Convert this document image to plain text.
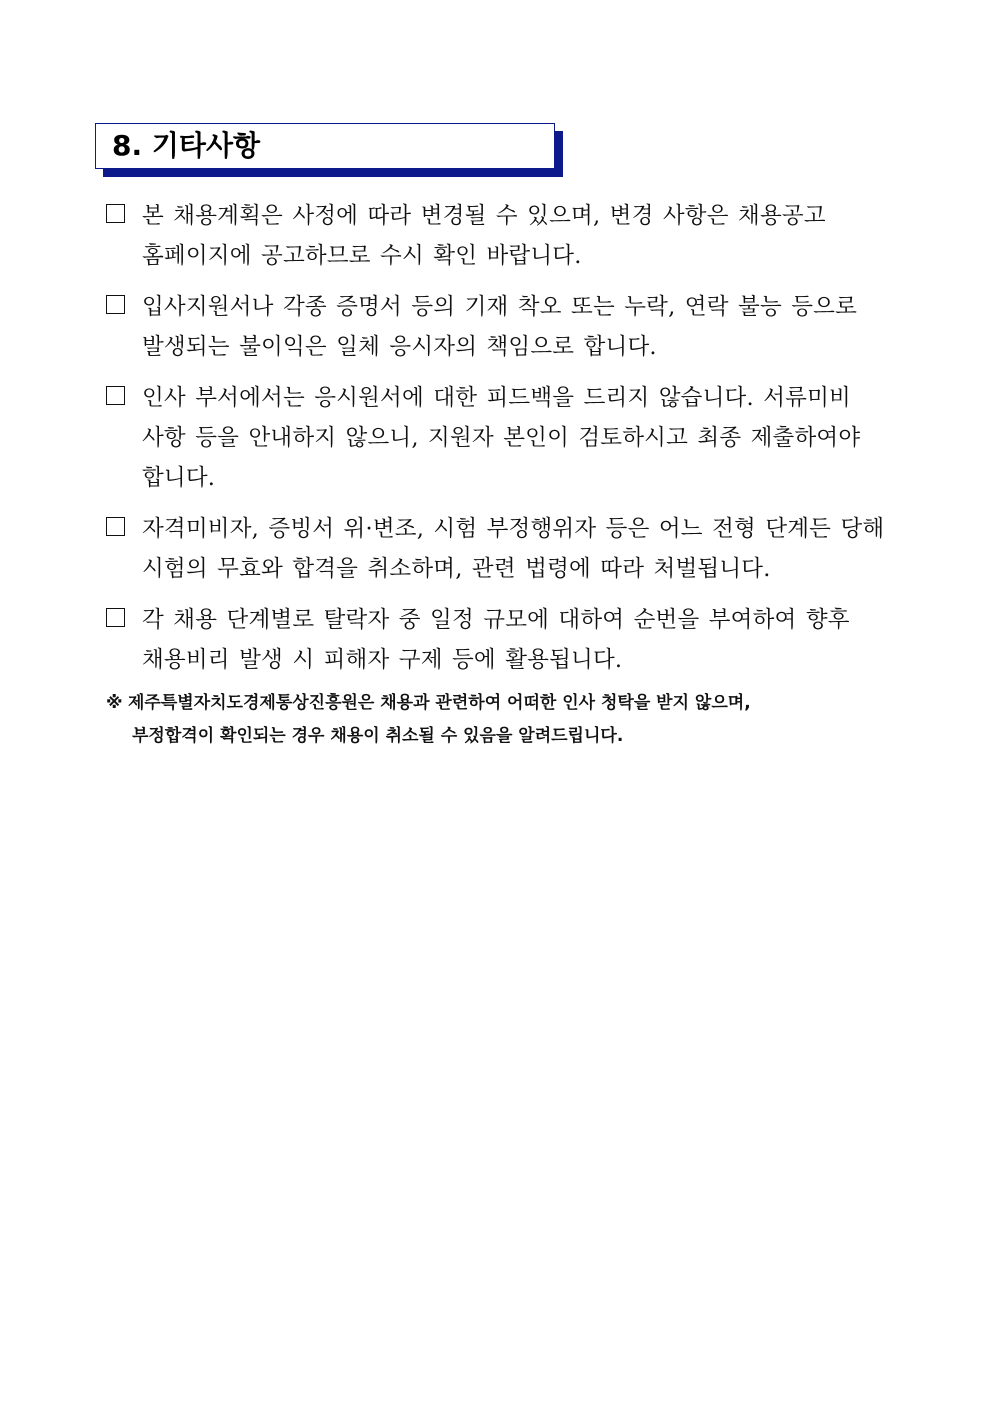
8. 기타사항
본 채용계획은 사정에 따라 변경될 수 있으며, 변경 사항은 채용공고
홈페이지에 공고하므로 수시 확인 바랍니다.
입사지원서나 각종 증명서 등의 기재 착오 또는 누락, 연락 불능 등으로
발생되는 불이익은 일체 응시자의 책임으로 합니다.
인사 부서에서는 응시원서에 대한 피드백을 드리지 않습니다. 서류미비
사항 등을 안내하지 않으니, 지원자 본인이 검토하시고 최종 제출하여야
합니다.
자격미비자, 증빙서 위·변조, 시험 부정행위자 등은 어느 전형 단계든 당해
시험의 무효와 합격을 취소하며, 관련 법령에 따라 처벌됩니다.
각 채용 단계별로 탈락자 중 일정 규모에 대하여 순번을 부여하여 향후
채용비리 발생 시 피해자 구제 등에 활용됩니다.
※ 제주특별자치도경제통상진흥원은 채용과 관련하여 어떠한 인사 청탁을 받지 않으며,
부정합격이 확인되는 경우 채용이 취소될 수 있음을 알려드립니다.
